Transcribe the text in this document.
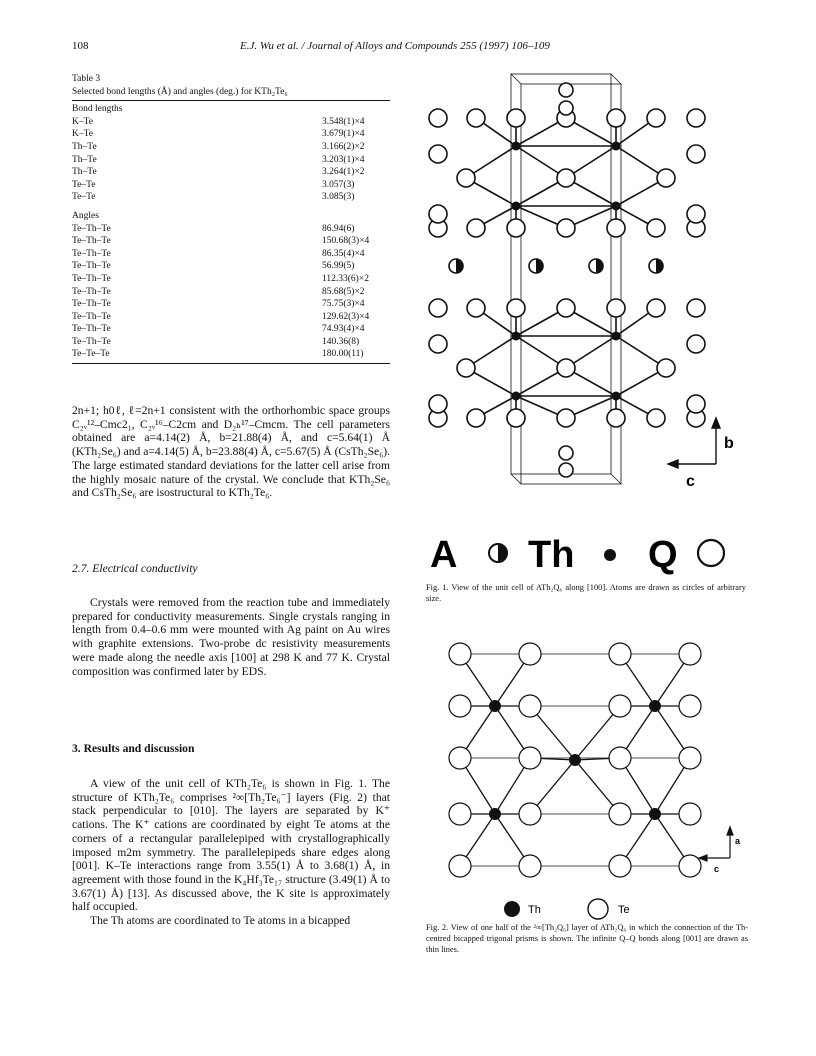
108	E.J. Wu et al. / Journal of Alloys and Compounds 255 (1997) 106–109
Table 3
Selected bond lengths (Å) and angles (deg.) for KTh₂Te₆
Bond lengths
K–Te	3.548(1)×4
K–Te	3.679(1)×4
Th–Te	3.166(2)×2
Th–Te	3.203(1)×4
Th–Te	3.264(1)×2
Te–Te	3.057(3)
Te–Te	3.085(3)
Angles
Te–Th–Te	86.94(6)
Te–Th–Te	150.68(3)×4
Te–Th–Te	86.35(4)×4
Te–Th–Te	56.99(5)
Te–Th–Te	112.33(6)×2
Te–Th–Te	85.68(5)×2
Te–Th–Te	75.75(3)×4
Te–Th–Te	129.62(3)×4
Te–Th–Te	74.93(4)×4
Te–Th–Te	140.36(8)
Te–Te–Te	180.00(11)

2n+1; h0ℓ, ℓ=2n+1 consistent with the orthorhombic space groups C₂ᵥ¹²–Cmc2₁, C₂ᵥ¹⁶–C2cm and D₂ₕ¹⁷–Cmcm. The cell parameters obtained are a=4.14(2) Å, b=21.88(4) Å, and c=5.64(1) Å (KTh₂Se₆) and a=4.14(5) Å, b=23.88(4) Å, c=5.67(5) Å (CsTh₂Se₆). The large estimated standard deviations for the latter cell arise from the highly mosaic nature of the crystal. We conclude that KTh₂Se₆ and CsTh₂Se₆ are isostructural to KTh₂Te₆.

2.7. Electrical conductivity

Crystals were removed from the reaction tube and immediately prepared for conductivity measurements. Single crystals ranging in length from 0.4–0.6 mm were mounted with Ag paint on Au wires with graphite extensions. Two-probe dc resistivity measurements were made along the needle axis [100] at 298 K and 77 K. Crystal composition was confirmed later by EDS.

3. Results and discussion

A view of the unit cell of KTh₂Te₆ is shown in Fig. 1. The structure of KTh₂Te₆ comprises ²∞[Th₂Te₆⁻] layers (Fig. 2) that stack perpendicular to [010]. The layers are separated by K⁺ cations. The K⁺ cations are coordinated by eight Te atoms at the corners of a rectangular parallelepiped with crystallographically imposed m2m symmetry. The parallelepipeds share edges along [001]. K–Te interactions range from 3.55(1) Å to 3.68(1) Å, in agreement with those found in the K₄Hf₃Te₁₇ structure (3.49(1) Å to 3.67(1) Å) [13]. As discussed above, the K site is approximately half occupied.

The Th atoms are coordinated to Te atoms in a bicapped

b
c
A Th Q
Fig. 1. View of the unit cell of ATh₂Q₆ along [100]. Atoms are drawn as circles of arbitrary size.
a
c
Th	Te
Fig. 2. View of one half of the ²∞[Th₂Q₆] layer of ATh₂Q₆ in which the connection of the Th-centred bicapped trigonal prisms is shown. The infinite Q–Q bonds along [001] are drawn as thin lines.
